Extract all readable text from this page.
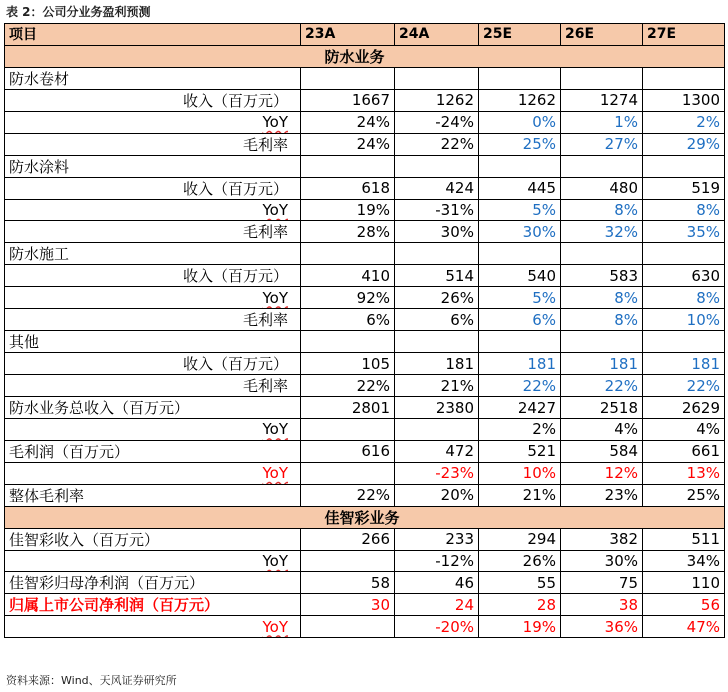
表 2：公司分业务盈利预测
项目	23A	24A	25E	26E	27E
	防水业务				
防水卷材					
收入（百万元）	1667	1262	1262	1274	1300
YoY	24%	-24%	0%	1%	2%
毛利率	24%	22%	25%	27%	29%
防水涂料					
收入（百万元）	618	424	445	480	519
YoY	19%	-31%	5%	8%	8%
毛利率	28%	30%	30%	32%	35%
防水施工					
收入（百万元）	410	514	540	583	630
YoY	92%	26%	5%	8%	8%
毛利率	6%	6%	6%	8%	10%
其他					
收入（百万元）	105	181	181	181	181
毛利率	22%	21%	22%	22%	22%
防水业务总收入（百万元）	2801	2380	2427	2518	2629
YoY			2%	4%	4%
毛利润（百万元）	616	472	521	584	661
YoY		-23%	10%	12%	13%
整体毛利率	22%	20%	21%	23%	25%
	佳智彩业务				
佳智彩收入（百万元）	266	233	294	382	511
YoY		-12%	26%	30%	34%
佳智彩归母净利润（百万元）	58	46	55	75	110
归属上市公司净利润（百万元）	30	24	28	38	56
YoY		-20%	19%	36%	47%
资料来源：Wind、天风证券研究所
